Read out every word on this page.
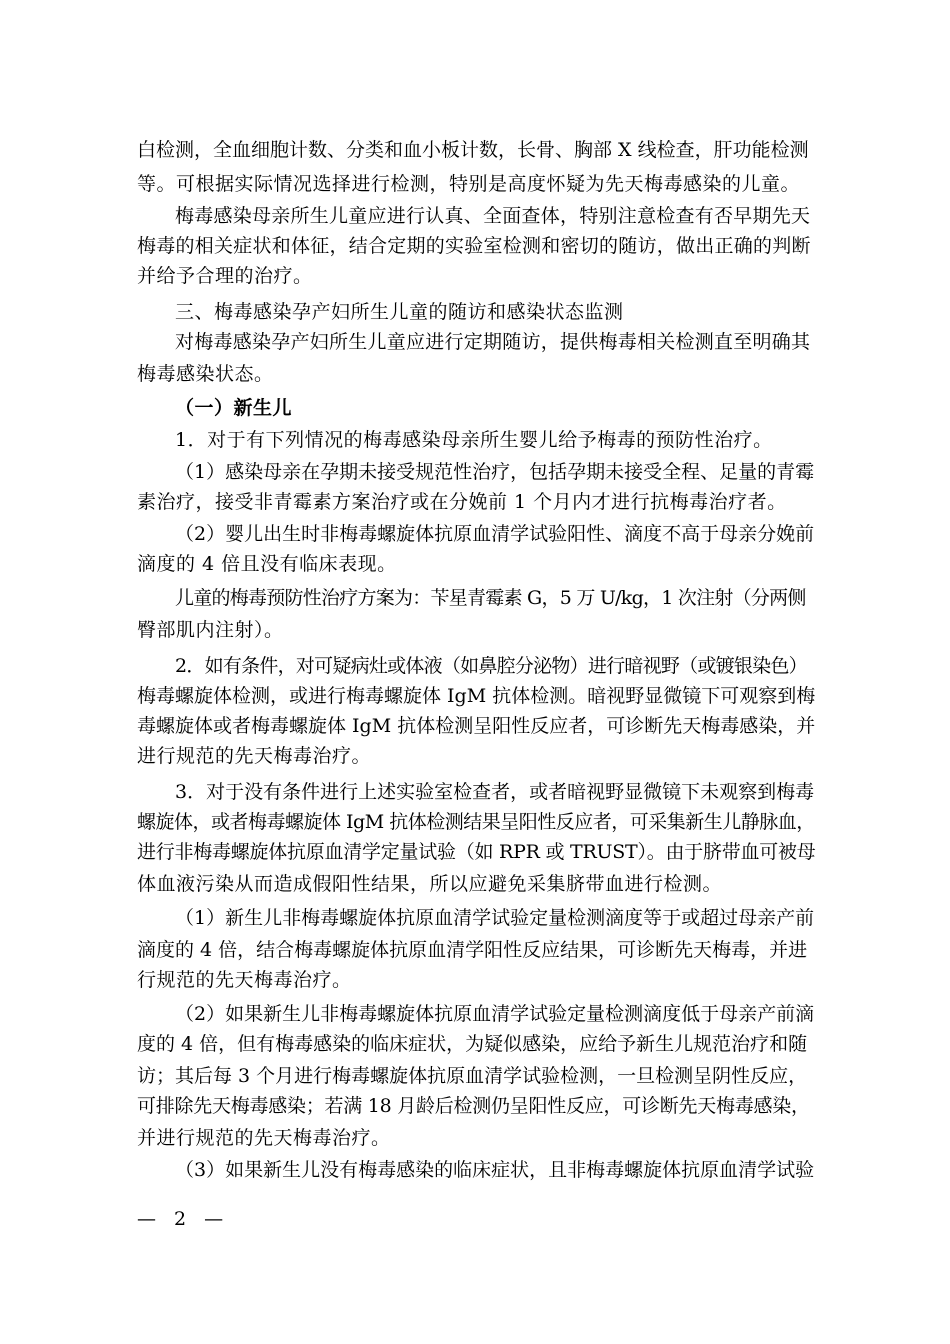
白检测，全血细胞计数、分类和血小板计数，长骨、胸部 X 线检查，肝功能检测
等。可根据实际情况选择进行检测，特别是高度怀疑为先天梅毒感染的儿童。
梅毒感染母亲所生儿童应进行认真、全面查体，特别注意检查有否早期先天
梅毒的相关症状和体征，结合定期的实验室检测和密切的随访，做出正确的判断
并给予合理的治疗。
三、梅毒感染孕产妇所生儿童的随访和感染状态监测
对梅毒感染孕产妇所生儿童应进行定期随访，提供梅毒相关检测直至明确其
梅毒感染状态。
（一）新生儿
1．对于有下列情况的梅毒感染母亲所生婴儿给予梅毒的预防性治疗。
（1）感染母亲在孕期未接受规范性治疗，包括孕期未接受全程、足量的青霉
素治疗，接受非青霉素方案治疗或在分娩前 1 个月内才进行抗梅毒治疗者。
（2）婴儿出生时非梅毒螺旋体抗原血清学试验阳性、滴度不高于母亲分娩前
滴度的 4 倍且没有临床表现。
儿童的梅毒预防性治疗方案为：苄星青霉素 G，5 万 U/kg，1 次注射（分两侧
臀部肌内注射）。
2．如有条件，对可疑病灶或体液（如鼻腔分泌物）进行暗视野（或镀银染色）
梅毒螺旋体检测，或进行梅毒螺旋体 IgM 抗体检测。暗视野显微镜下可观察到梅
毒螺旋体或者梅毒螺旋体 IgM 抗体检测呈阳性反应者，可诊断先天梅毒感染，并
进行规范的先天梅毒治疗。
3．对于没有条件进行上述实验室检查者，或者暗视野显微镜下未观察到梅毒
螺旋体，或者梅毒螺旋体 IgM 抗体检测结果呈阳性反应者，可采集新生儿静脉血，
进行非梅毒螺旋体抗原血清学定量试验（如 RPR 或 TRUST）。由于脐带血可被母
体血液污染从而造成假阳性结果，所以应避免采集脐带血进行检测。
（1）新生儿非梅毒螺旋体抗原血清学试验定量检测滴度等于或超过母亲产前
滴度的 4 倍，结合梅毒螺旋体抗原血清学阳性反应结果，可诊断先天梅毒，并进
行规范的先天梅毒治疗。
（2）如果新生儿非梅毒螺旋体抗原血清学试验定量检测滴度低于母亲产前滴
度的 4 倍，但有梅毒感染的临床症状，为疑似感染，应给予新生儿规范治疗和随
访；其后每 3 个月进行梅毒螺旋体抗原血清学试验检测，一旦检测呈阴性反应，
可排除先天梅毒感染；若满 18 月龄后检测仍呈阳性反应，可诊断先天梅毒感染，
并进行规范的先天梅毒治疗。
（3）如果新生儿没有梅毒感染的临床症状，且非梅毒螺旋体抗原血清学试验
— 2 —
